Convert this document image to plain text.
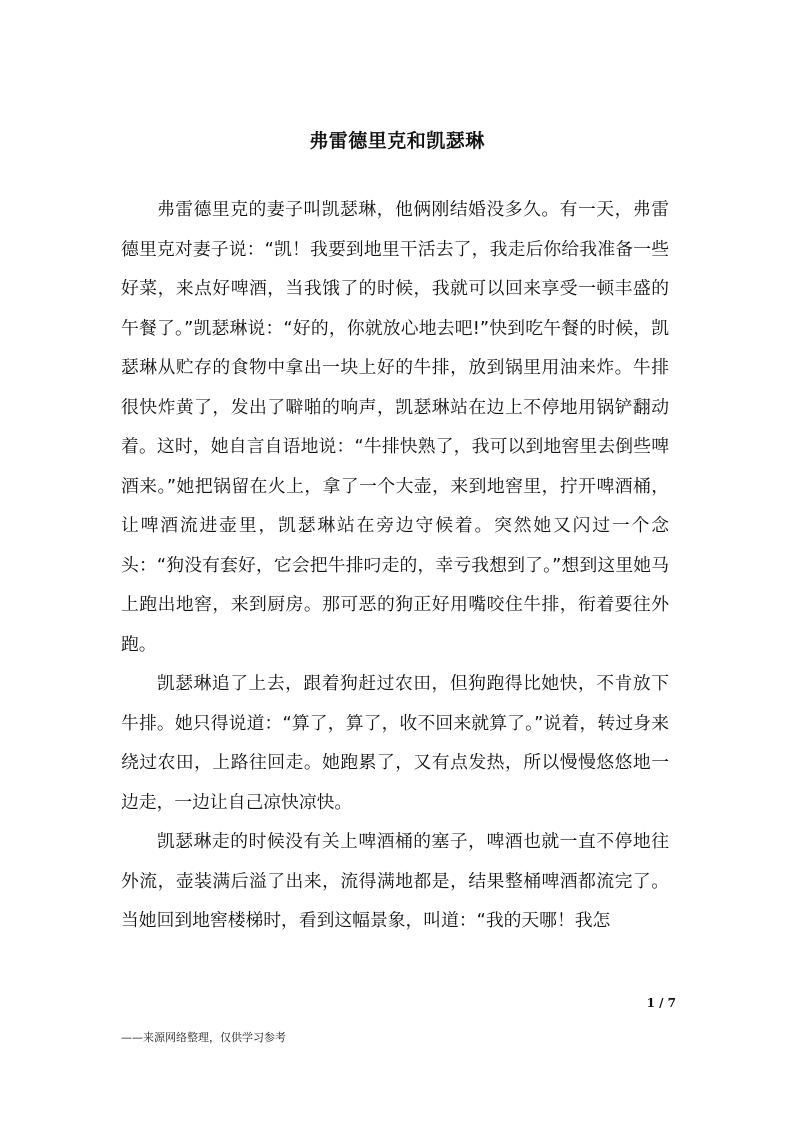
弗雷德里克和凯瑟琳

弗雷德里克的妻子叫凯瑟琳，他俩刚结婚没多久。有一天，弗雷德里克对妻子说：“凯！我要到地里干活去了，我走后你给我准备一些好菜，来点好啤酒，当我饿了的时候，我就可以回来享受一顿丰盛的午餐了。”凯瑟琳说：“好的，你就放心地去吧!”快到吃午餐的时候，凯瑟琳从贮存的食物中拿出一块上好的牛排，放到锅里用油来炸。牛排很快炸黄了，发出了噼啪的响声，凯瑟琳站在边上不停地用锅铲翻动着。这时，她自言自语地说：“牛排快熟了，我可以到地窖里去倒些啤酒来。”她把锅留在火上，拿了一个大壶，来到地窖里，拧开啤酒桶，让啤酒流进壶里，凯瑟琳站在旁边守候着。突然她又闪过一个念头：“狗没有套好，它会把牛排叼走的，幸亏我想到了。”想到这里她马上跑出地窖，来到厨房。那可恶的狗正好用嘴咬住牛排，衔着要往外跑。

凯瑟琳追了上去，跟着狗赶过农田，但狗跑得比她快，不肯放下牛排。她只得说道：“算了，算了，收不回来就算了。”说着，转过身来绕过农田，上路往回走。她跑累了，又有点发热，所以慢慢悠悠地一边走，一边让自己凉快凉快。

凯瑟琳走的时候没有关上啤酒桶的塞子，啤酒也就一直不停地往外流，壶装满后溢了出来，流得满地都是，结果整桶啤酒都流完了。当她回到地窖楼梯时，看到这幅景象，叫道：“我的天哪！我怎

1 / 7
——来源网络整理，仅供学习参考
